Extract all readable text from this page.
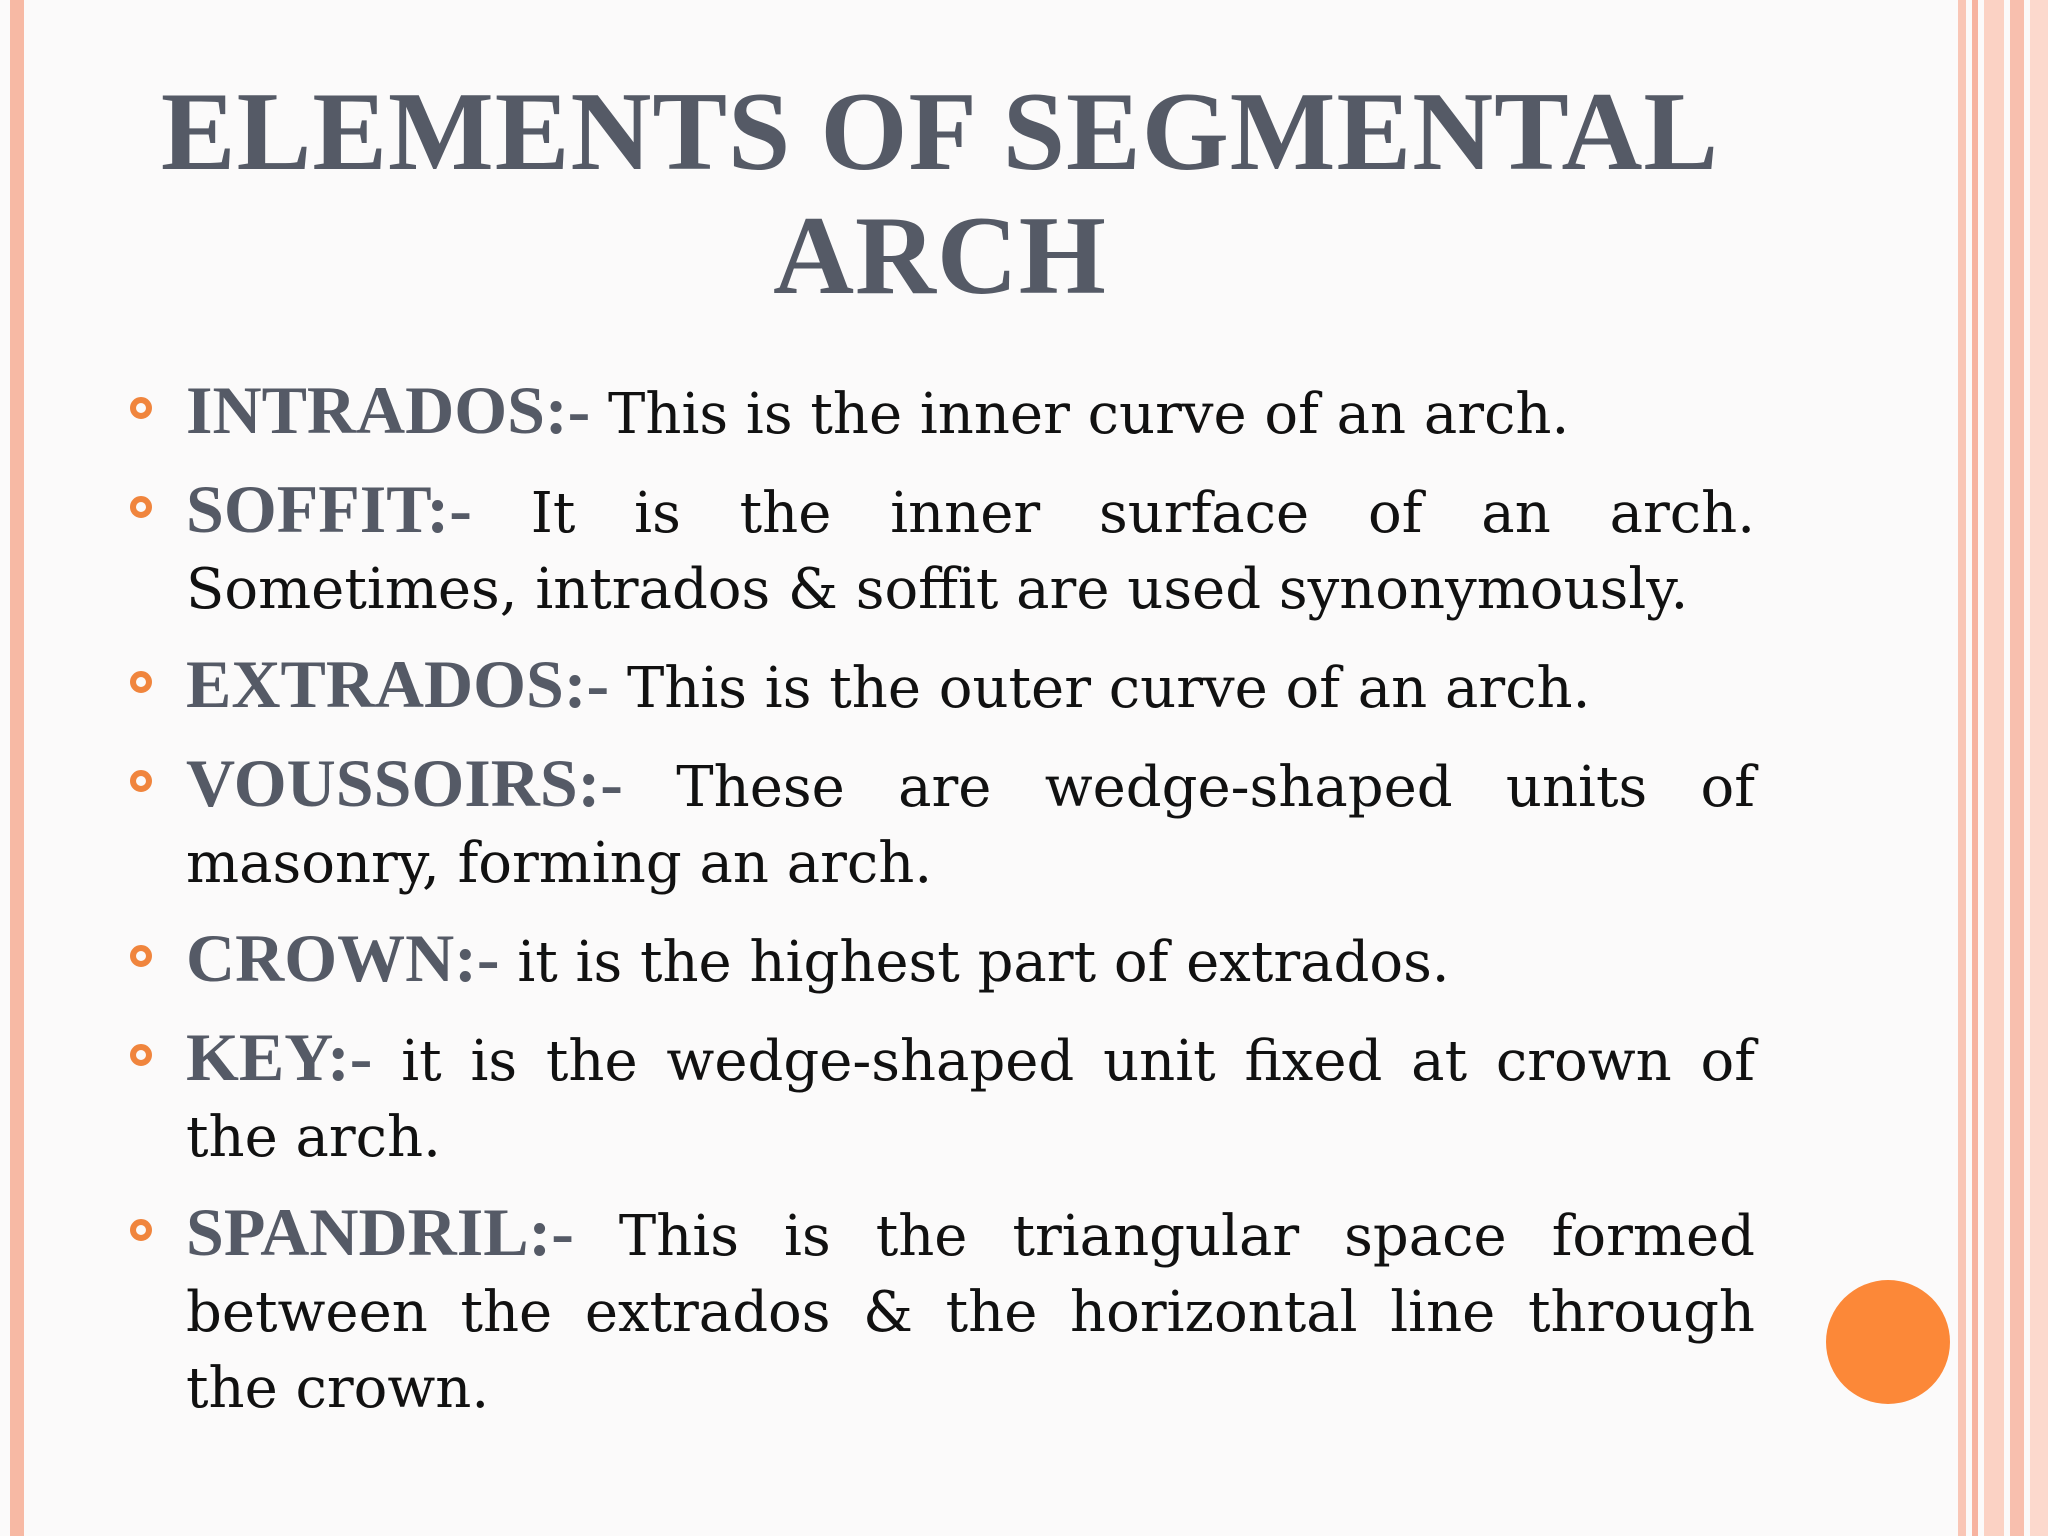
ELEMENTS OF SEGMENTAL
ARCH
INTRADOS:- This is the inner curve of an arch.
SOFFIT:- It is the inner surface of an arch. Sometimes, intrados & soffit are used synonymously.
EXTRADOS:- This is the outer curve of an arch.
VOUSSOIRS:- These are wedge-shaped units of masonry, forming an arch.
CROWN:- it is the highest part of extrados.
KEY:- it is the wedge-shaped unit fixed at crown of the arch.
SPANDRIL:- This is the triangular space formed between the extrados & the horizontal line through the crown.
